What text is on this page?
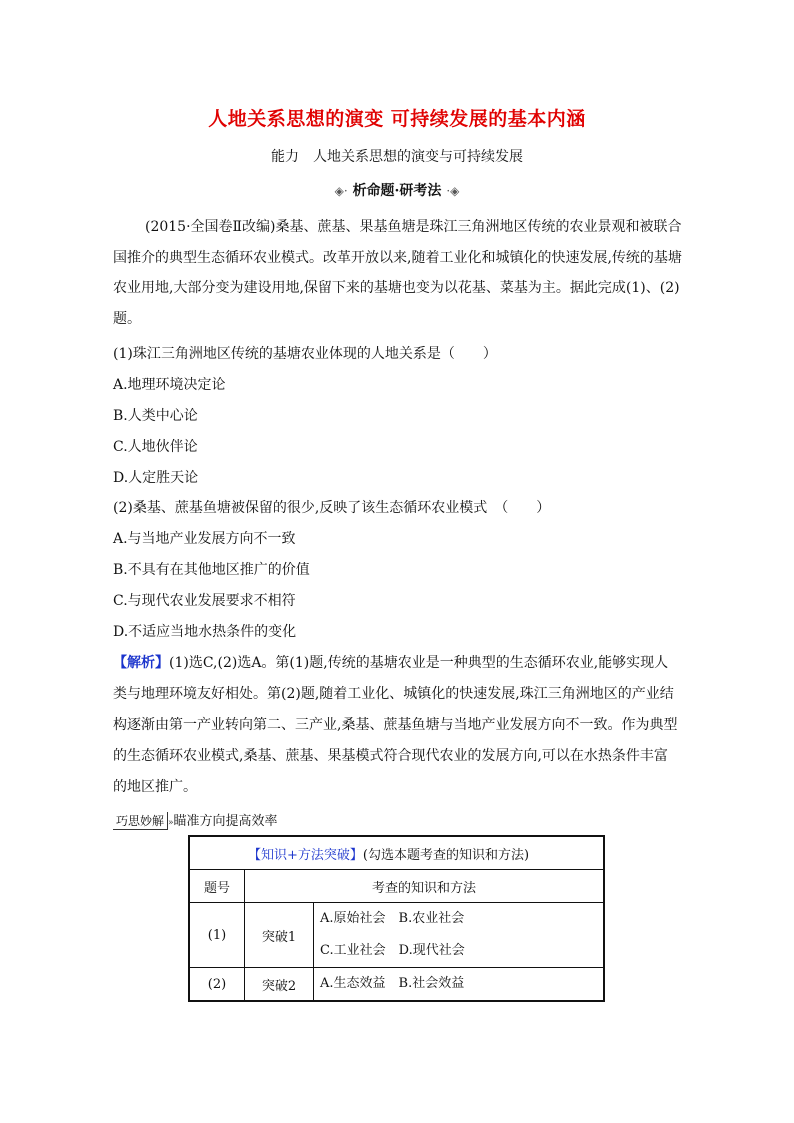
人地关系思想的演变 可持续发展的基本内涵
能力　人地关系思想的演变与可持续发展
◈· 析命题·研考法 ·◈
(2015·全国卷Ⅱ改编)桑基、蔗基、果基鱼塘是珠江三角洲地区传统的农业景观和被联合国推介的典型生态循环农业模式。改革开放以来,随着工业化和城镇化的快速发展,传统的基塘农业用地,大部分变为建设用地,保留下来的基塘也变为以花基、菜基为主。据此完成(1)、(2)题。
(1)珠江三角洲地区传统的基塘农业体现的人地关系是（　　）
A.地理环境决定论
B.人类中心论
C.人地伙伴论
D.人定胜天论
(2)桑基、蔗基鱼塘被保留的很少,反映了该生态循环农业模式　（　　）
A.与当地产业发展方向不一致
B.不具有在其他地区推广的价值
C.与现代农业发展要求不相符
D.不适应当地水热条件的变化
【解析】(1)选C,(2)选A。第(1)题,传统的基塘农业是一种典型的生态循环农业,能够实现人
类与地理环境友好相处。第(2)题,随着工业化、城镇化的快速发展,珠江三角洲地区的产业结
构逐渐由第一产业转向第二、三产业,桑基、蔗基鱼塘与当地产业发展方向不一致。作为典型
的生态循环农业模式,桑基、蔗基、果基模式符合现代农业的发展方向,可以在水热条件丰富
的地区推广。
巧思妙解 »瞄准方向提高效率
【知识+方法突破】(勾选本题考查的知识和方法)		
题号	考查的知识和方法	
(1)	突破1	A.原始社会　B.农业社会
C.工业社会　D.现代社会

(2)	突破2	A.生态效益　B.社会效益
